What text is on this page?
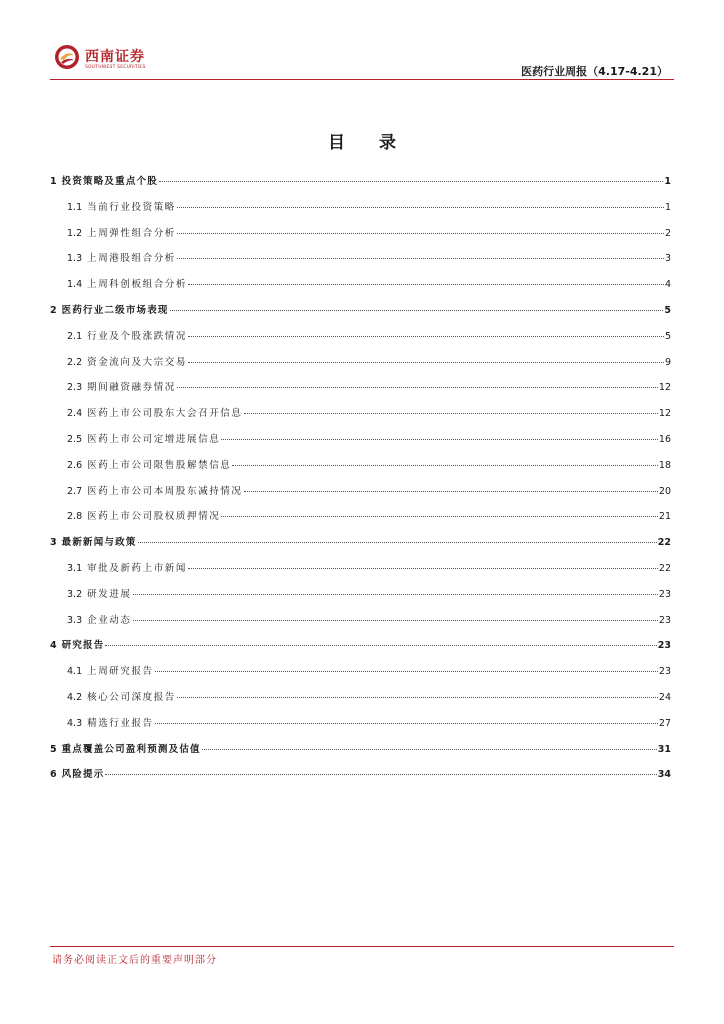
西南证券
SOUTHWEST SECURITIES	医药行业周报（4.17-4.21）
目 录
1 投资策略及重点个股	1
1.1 当前行业投资策略	1
1.2 上周弹性组合分析	2
1.3 上周港股组合分析	3
1.4 上周科创板组合分析	4
2 医药行业二级市场表现	5
2.1 行业及个股涨跌情况	5
2.2 资金流向及大宗交易	9
2.3 期间融资融券情况	12
2.4 医药上市公司股东大会召开信息	12
2.5 医药上市公司定增进展信息	16
2.6 医药上市公司限售股解禁信息	18
2.7 医药上市公司本周股东减持情况	20
2.8 医药上市公司股权质押情况	21
3 最新新闻与政策	22
3.1 审批及新药上市新闻	22
3.2 研发进展	23
3.3 企业动态	23
4 研究报告	23
4.1 上周研究报告	23
4.2 核心公司深度报告	24
4.3 精选行业报告	27
5 重点覆盖公司盈利预测及估值	31
6 风险提示	34
请务必阅读正文后的重要声明部分
